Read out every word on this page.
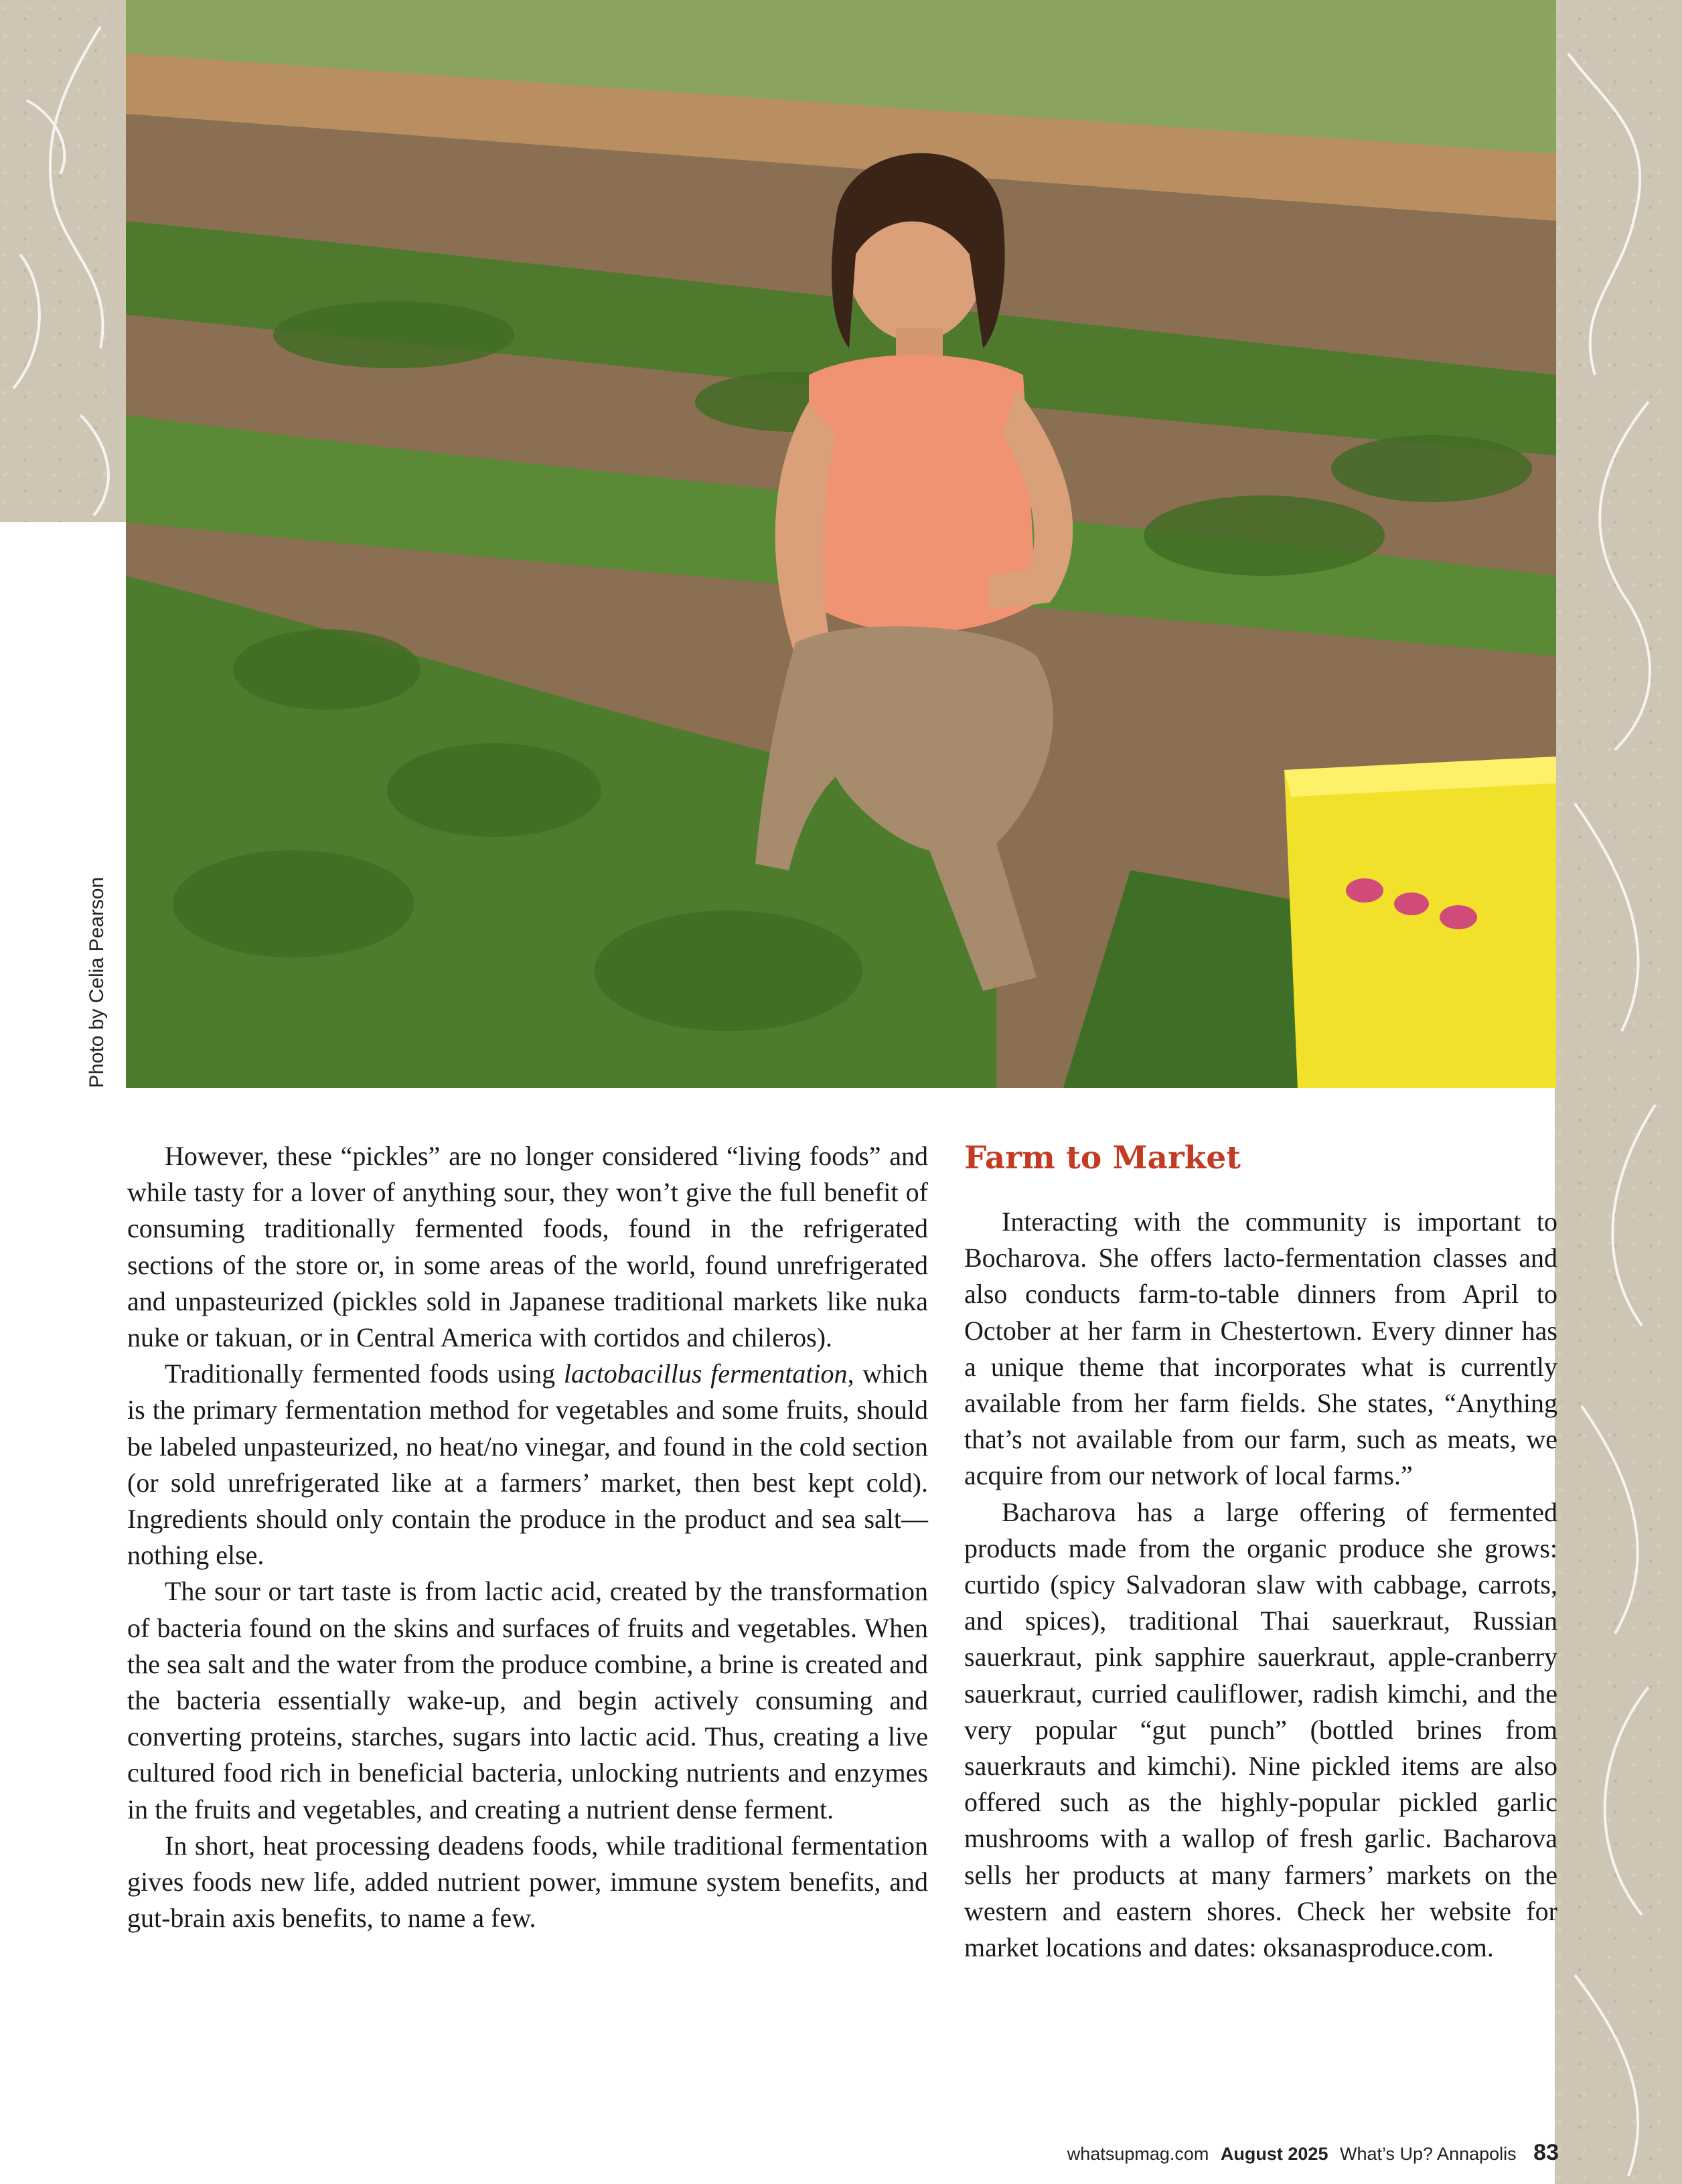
Photo by Celia Pearson

However, these “pickles” are no longer considered “living foods” and while tasty for a lover of anything sour, they won’t give the full benefit of consuming traditionally fermented foods, found in the refrigerated sections of the store or, in some areas of the world, found unrefrigerated and unpasteurized (pickles sold in Japanese traditional markets like nuka nuke or takuan, or in Central America with cortidos and chileros).

Traditionally fermented foods using lactobacillus fermentation, which is the primary fermentation method for vegetables and some fruits, should be labeled unpasteurized, no heat/no vinegar, and found in the cold section (or sold unrefrigerated like at a farmers’ market, then best kept cold). Ingredients should only contain the produce in the product and sea salt—nothing else.

The sour or tart taste is from lactic acid, created by the transformation of bacteria found on the skins and surfaces of fruits and vegetables. When the sea salt and the water from the produce combine, a brine is created and the bacteria essentially wake-up, and begin actively consuming and converting proteins, starches, sugars into lactic acid. Thus, creating a live cultured food rich in beneficial bacteria, unlocking nutrients and enzymes in the fruits and vegetables, and creating a nutrient dense ferment.

In short, heat processing deadens foods, while traditional fermentation gives foods new life, added nutrient power, immune system benefits, and gut-brain axis benefits, to name a few.

Farm to Market

Interacting with the community is important to Bocharova. She offers lacto-fermentation classes and also conducts farm-to-table dinners from April to October at her farm in Chestertown. Every dinner has a unique theme that incorporates what is currently available from her farm fields. She states, “Anything that’s not available from our farm, such as meats, we acquire from our network of local farms.”

Bacharova has a large offering of fermented products made from the organic produce she grows: curtido (spicy Salvadoran slaw with cabbage, carrots, and spices), traditional Thai sauerkraut, Russian sauerkraut, pink sapphire sauerkraut, apple-cranberry sauerkraut, curried cauliflower, radish kimchi, and the very popular “gut punch” (bottled brines from sauerkrauts and kimchi). Nine pickled items are also offered such as the highly-popular pickled garlic mushrooms with a wallop of fresh garlic. Bacharova sells her products at many farmers’ markets on the western and eastern shores. Check her website for market locations and dates: oksanasproduce.com.

whatsupmag.com August 2025 What’s Up? Annapolis 83
